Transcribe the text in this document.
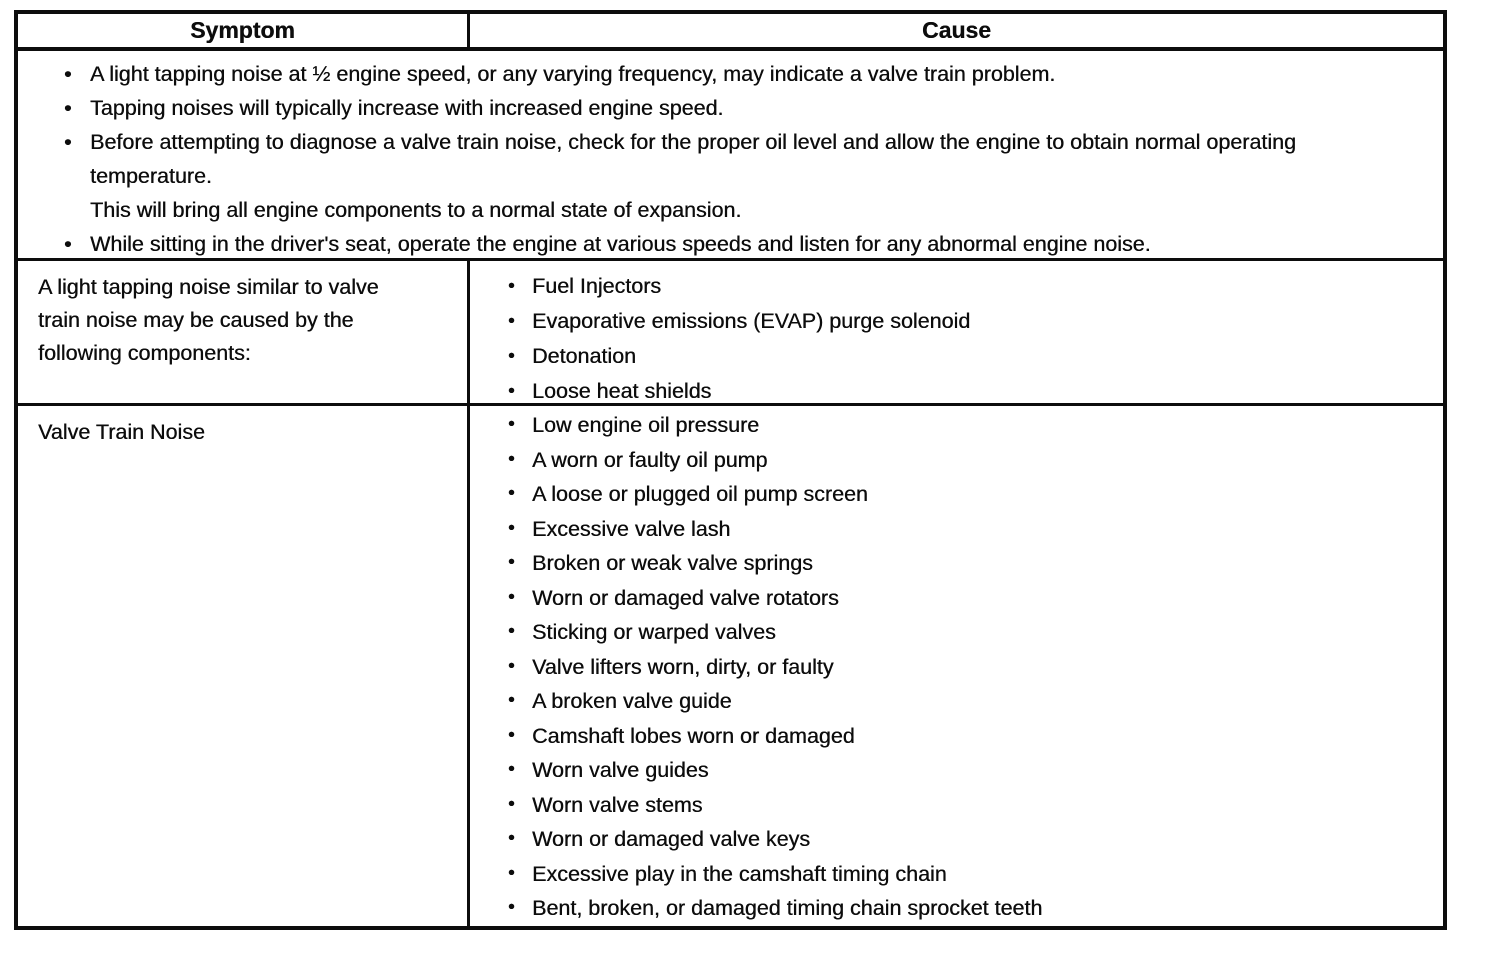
Symptom	Cause
• A light tapping noise at ½ engine speed, or any varying frequency, may indicate a valve train problem.
• Tapping noises will typically increase with increased engine speed.
• Before attempting to diagnose a valve train noise, check for the proper oil level and allow the engine to obtain normal operating temperature.
This will bring all engine components to a normal state of expansion.
• While sitting in the driver's seat, operate the engine at various speeds and listen for any abnormal engine noise.
A light tapping noise similar to valve train noise may be caused by the following components:
• Fuel Injectors
• Evaporative emissions (EVAP) purge solenoid
• Detonation
• Loose heat shields
Valve Train Noise	• Low engine oil pressure
• A worn or faulty oil pump
• A loose or plugged oil pump screen
• Excessive valve lash
• Broken or weak valve springs
• Worn or damaged valve rotators
• Sticking or warped valves
• Valve lifters worn, dirty, or faulty
• A broken valve guide
• Camshaft lobes worn or damaged
• Worn valve guides
• Worn valve stems
• Worn or damaged valve keys
• Excessive play in the camshaft timing chain
• Bent, broken, or damaged timing chain sprocket teeth
